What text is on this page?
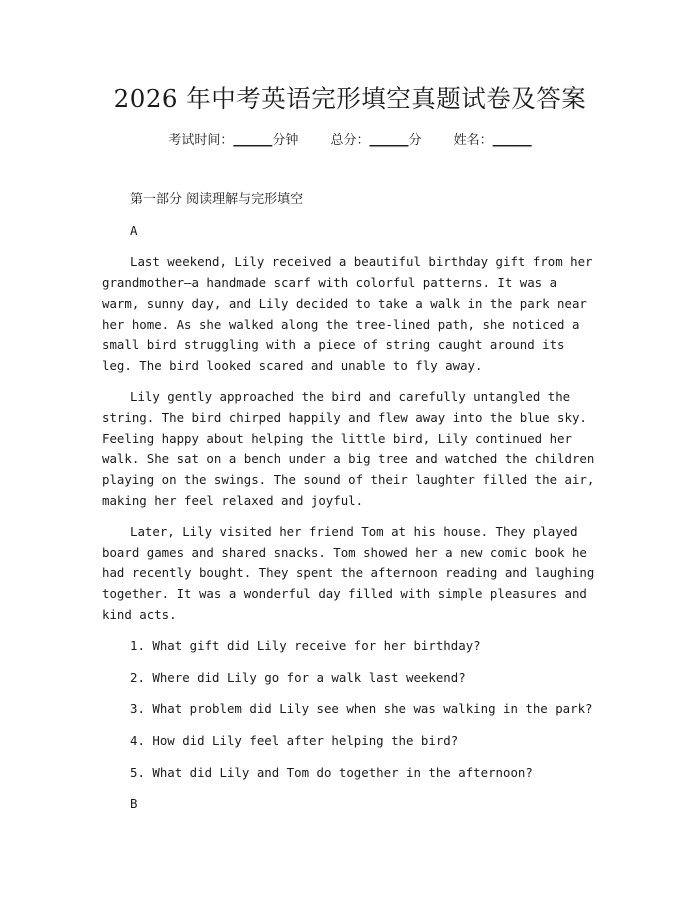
2026 年中考英语完形填空真题试卷及答案
考试时间：______分钟 总分：______分 姓名：______
第一部分 阅读理解与完形填空
A
Last weekend, Lily received a beautiful birthday gift from her grandmother—a handmade scarf with colorful patterns. It was a warm, sunny day, and Lily decided to take a walk in the park near her home. As she walked along the tree-lined path, she noticed a small bird struggling with a piece of string caught around its leg. The bird looked scared and unable to fly away.
Lily gently approached the bird and carefully untangled the string. The bird chirped happily and flew away into the blue sky. Feeling happy about helping the little bird, Lily continued her walk. She sat on a bench under a big tree and watched the children playing on the swings. The sound of their laughter filled the air, making her feel relaxed and joyful.
Later, Lily visited her friend Tom at his house. They played board games and shared snacks. Tom showed her a new comic book he had recently bought. They spent the afternoon reading and laughing together. It was a wonderful day filled with simple pleasures and kind acts.
1. What gift did Lily receive for her birthday?
2. Where did Lily go for a walk last weekend?
3. What problem did Lily see when she was walking in the park?
4. How did Lily feel after helping the bird?
5. What did Lily and Tom do together in the afternoon?
B
